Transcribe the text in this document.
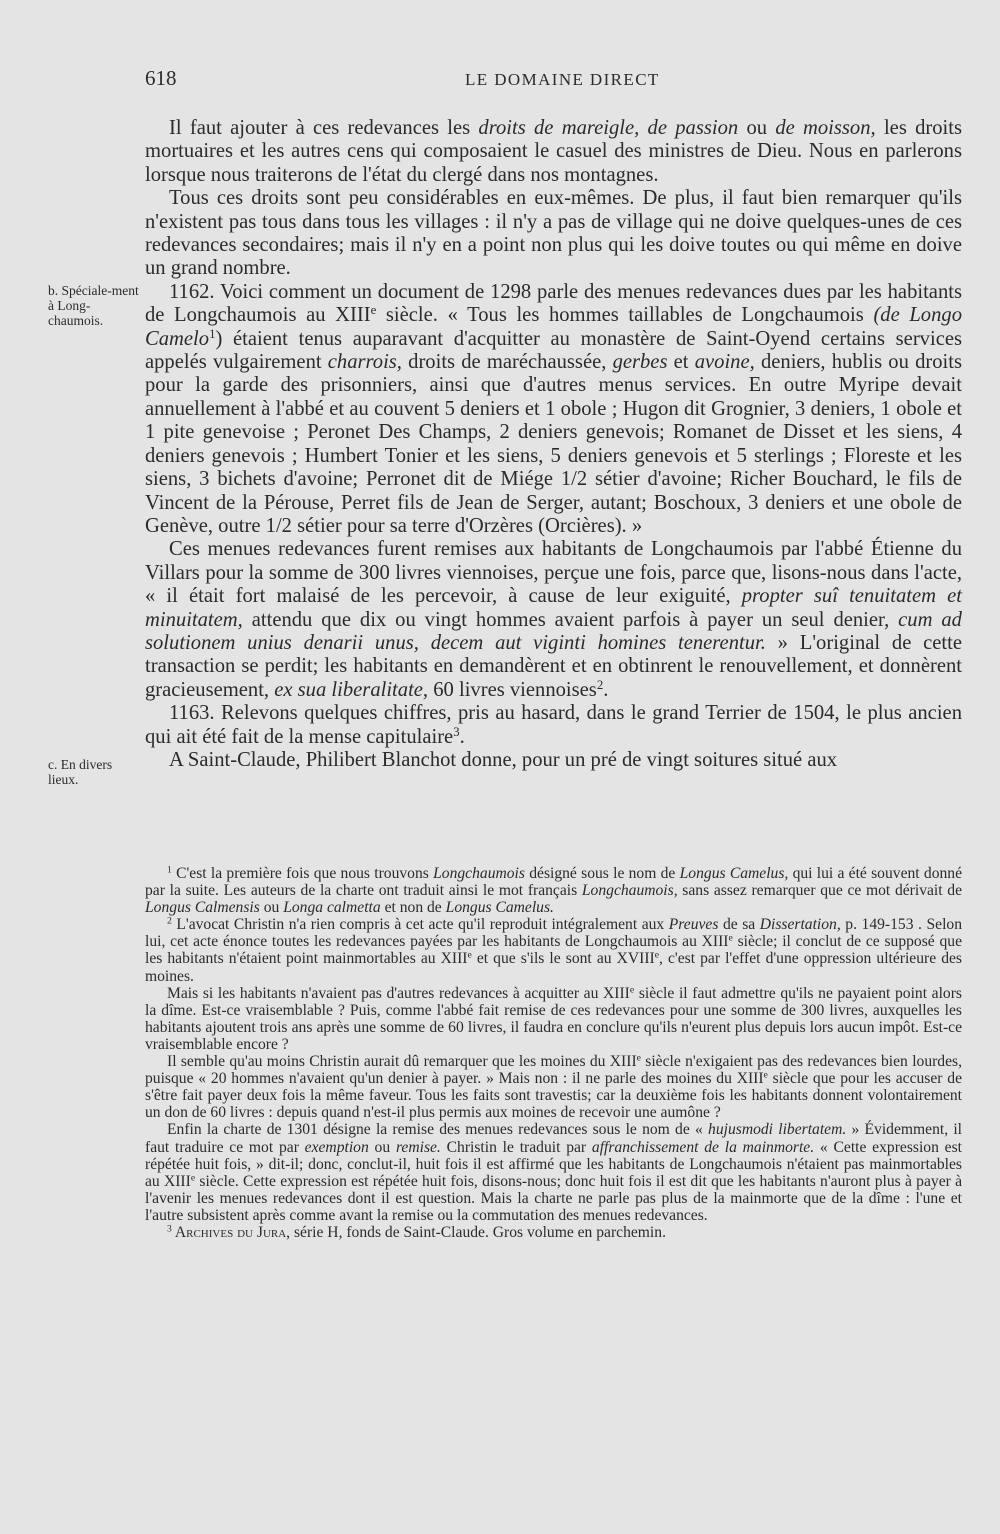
618	LE DOMAINE DIRECT
b. Spéciale-ment à Long-chaumois.
c. En divers lieux.

Il faut ajouter à ces redevances les droits de mareigle, de passion ou de moisson, les droits mortuaires et les autres cens qui composaient le casuel des ministres de Dieu. Nous en parlerons lorsque nous traiterons de l'état du clergé dans nos montagnes.

Tous ces droits sont peu considérables en eux-mêmes. De plus, il faut bien remarquer qu'ils n'existent pas tous dans tous les villages : il n'y a pas de village qui ne doive quelques-unes de ces redevances secondaires; mais il n'y en a point non plus qui les doive toutes ou qui même en doive un grand nombre.

1162. Voici comment un document de 1298 parle des menues redevances dues par les habitants de Longchaumois au XIIIe siècle. « Tous les hommes taillables de Longchaumois (de Longo Camelo$^1$) étaient tenus auparavant d'acquitter au monastère de Saint-Oyend certains services appelés vulgairement charrois, droits de maréchaussée, gerbes et avoine, deniers, hublis ou droits pour la garde des prisonniers, ainsi que d'autres menus services. En outre Myripe devait annuellement à l'abbé et au couvent 5 deniers et 1 obole ; Hugon dit Grognier, 3 deniers, 1 obole et 1 pite genevoise ; Peronet Des Champs, 2 deniers genevois; Romanet de Disset et les siens, 4 deniers genevois ; Humbert Tonier et les siens, 5 deniers genevois et 5 sterlings ; Floreste et les siens, 3 bichets d'avoine; Perronet dit de Miége 1/2 sétier d'avoine; Richer Bouchard, le fils de Vincent de la Pérouse, Perret fils de Jean de Serger, autant; Boschoux, 3 deniers et une obole de Genève, outre 1/2 sétier pour sa terre d'Orzères (Orcières). »

Ces menues redevances furent remises aux habitants de Longchaumois par l'abbé Étienne du Villars pour la somme de 300 livres viennoises, perçue une fois, parce que, lisons-nous dans l'acte, « il était fort malaisé de les percevoir, à cause de leur exiguité, propter suî tenuitatem et minuitatem, attendu que dix ou vingt hommes avaient parfois à payer un seul denier, cum ad solutionem unius denarii unus, decem aut viginti homines tenerentur. » L'original de cette transaction se perdit; les habitants en demandèrent et en obtinrent le renouvellement, et donnèrent gracieusement, ex sua liberalitate, 60 livres viennoises$^2$.

1163. Relevons quelques chiffres, pris au hasard, dans le grand Terrier de 1504, le plus ancien qui ait été fait de la mense capitulaire$^3$.

A Saint-Claude, Philibert Blanchot donne, pour un pré de vingt soitures situé aux

$^1$ C'est la première fois que nous trouvons Longchaumois désigné sous le nom de Longus Camelus, qui lui a été souvent donné par la suite. Les auteurs de la charte ont traduit ainsi le mot français Longchaumois, sans assez remarquer que ce mot dérivait de Longus Calmensis ou Longa calmetta et non de Longus Camelus.

$^2$ L'avocat Christin n'a rien compris à cet acte qu'il reproduit intégralement aux Preuves de sa Dissertation, p. 149-153 . Selon lui, cet acte énonce toutes les redevances payées par les habitants de Longchaumois au XIIIe siècle; il conclut de ce supposé que les habitants n'étaient point mainmortables au XIIIe et que s'ils le sont au XVIIIe, c'est par l'effet d'une oppression ultérieure des moines.

Mais si les habitants n'avaient pas d'autres redevances à acquitter au XIIIe siècle il faut admettre qu'ils ne payaient point alors la dîme. Est-ce vraisemblable ? Puis, comme l'abbé fait remise de ces redevances pour une somme de 300 livres, auxquelles les habitants ajoutent trois ans après une somme de 60 livres, il faudra en conclure qu'ils n'eurent plus depuis lors aucun impôt. Est-ce vraisemblable encore ?

Il semble qu'au moins Christin aurait dû remarquer que les moines du XIIIe siècle n'exigaient pas des redevances bien lourdes, puisque « 20 hommes n'avaient qu'un denier à payer. » Mais non : il ne parle des moines du XIIIe siècle que pour les accuser de s'être fait payer deux fois la même faveur. Tous les faits sont travestis; car la deuxième fois les habitants donnent volontairement un don de 60 livres : depuis quand n'est-il plus permis aux moines de recevoir une aumône ?

Enfin la charte de 1301 désigne la remise des menues redevances sous le nom de « hujusmodi libertatem. » Évidemment, il faut traduire ce mot par exemption ou remise. Christin le traduit par affranchissement de la mainmorte. « Cette expression est répétée huit fois, » dit-il; donc, conclut-il, huit fois il est affirmé que les habitants de Longchaumois n'étaient pas mainmortables au XIIIe siècle. Cette expression est répétée huit fois, disons-nous; donc huit fois il est dit que les habitants n'auront plus à payer à l'avenir les menues redevances dont il est question. Mais la charte ne parle pas plus de la mainmorte que de la dîme : l'une et l'autre subsistent après comme avant la remise ou la commutation des menues redevances.

$^3$ Archives du Jura, série H, fonds de Saint-Claude. Gros volume en parchemin.
